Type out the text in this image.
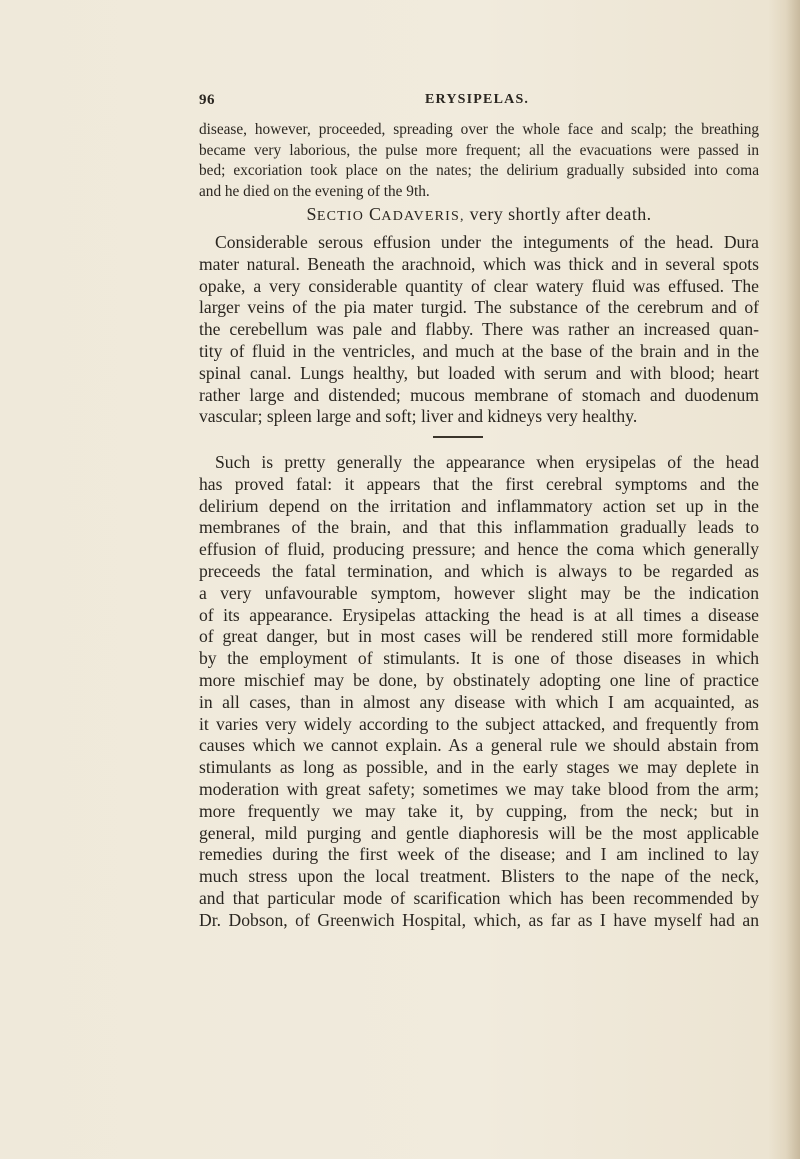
96	ERYSIPELAS.
disease, however, proceeded, spreading over the whole face and scalp; the breathing
became very laborious, the pulse more frequent; all the evacuations were passed in
bed; excoriation took place on the nates; the delirium gradually subsided into coma
and he died on the evening of the 9th.
SECTIO CADAVERIS, very shortly after death.
Considerable serous effusion under the integuments of the head. Dura
mater natural. Beneath the arachnoid, which was thick and in several spots
opake, a very considerable quantity of clear watery fluid was effused. The
larger veins of the pia mater turgid. The substance of the cerebrum and of
the cerebellum was pale and flabby. There was rather an increased quan-
tity of fluid in the ventricles, and much at the base of the brain and in the
spinal canal. Lungs healthy, but loaded with serum and with blood; heart
rather large and distended; mucous membrane of stomach and duodenum
vascular; spleen large and soft; liver and kidneys very healthy.
Such is pretty generally the appearance when erysipelas of the head
has proved fatal: it appears that the first cerebral symptoms and the
delirium depend on the irritation and inflammatory action set up in the
membranes of the brain, and that this inflammation gradually leads to
effusion of fluid, producing pressure; and hence the coma which generally
preceeds the fatal termination, and which is always to be regarded as
a very unfavourable symptom, however slight may be the indication
of its appearance. Erysipelas attacking the head is at all times a disease
of great danger, but in most cases will be rendered still more formidable
by the employment of stimulants. It is one of those diseases in which
more mischief may be done, by obstinately adopting one line of practice
in all cases, than in almost any disease with which I am acquainted, as
it varies very widely according to the subject attacked, and frequently from
causes which we cannot explain. As a general rule we should abstain from
stimulants as long as possible, and in the early stages we may deplete in
moderation with great safety; sometimes we may take blood from the arm;
more frequently we may take it, by cupping, from the neck; but in
general, mild purging and gentle diaphoresis will be the most applicable
remedies during the first week of the disease; and I am inclined to lay
much stress upon the local treatment. Blisters to the nape of the neck,
and that particular mode of scarification which has been recommended by
Dr. Dobson, of Greenwich Hospital, which, as far as I have myself had an
